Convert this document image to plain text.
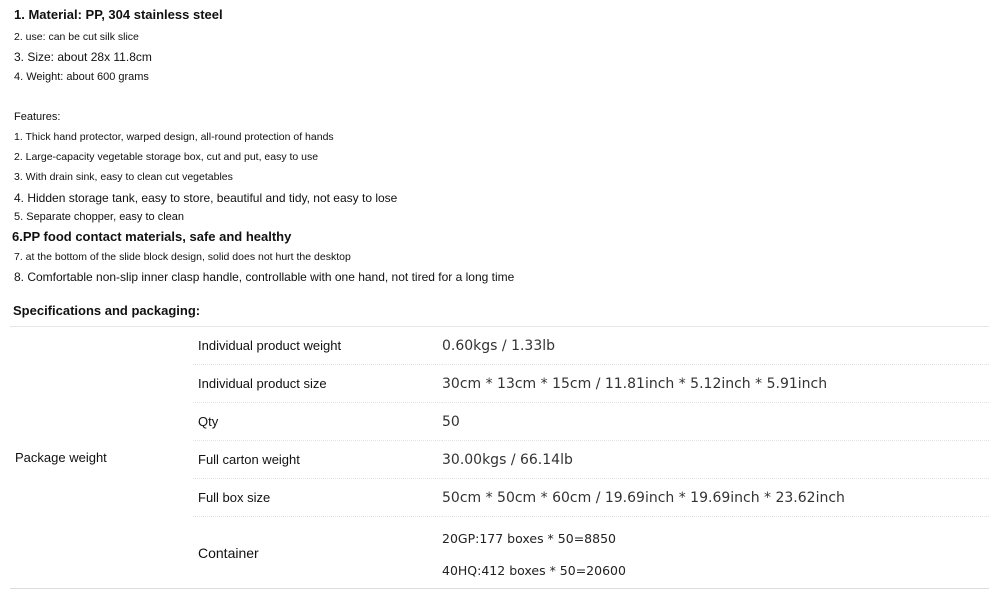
1. Material: PP, 304 stainless steel
2. use: can be cut silk slice
3. Size: about 28x 11.8cm
4. Weight: about 600 grams
Features:
1. Thick hand protector, warped design, all-round protection of hands
2. Large-capacity vegetable storage box, cut and put, easy to use
3. With drain sink, easy to clean cut vegetables
4. Hidden storage tank, easy to store, beautiful and tidy, not easy to lose
5. Separate chopper, easy to clean
6.PP food contact materials, safe and healthy
7. at the bottom of the slide block design, solid does not hurt the desktop
8. Comfortable non-slip inner clasp handle, controllable with one hand, not tired for a long time
Specifications and packaging:
Package weight	Individual product weight	0.60kgs / 1.33lb
	Individual product size	30cm * 13cm * 15cm / 11.81inch * 5.12inch * 5.91inch
	Qty	50
	Full carton weight	30.00kgs / 66.14lb
	Full box size	50cm * 50cm * 60cm / 19.69inch * 19.69inch * 23.62inch
	Container	20GP:177 boxes * 50=8850
40HQ:412 boxes * 50=20600
